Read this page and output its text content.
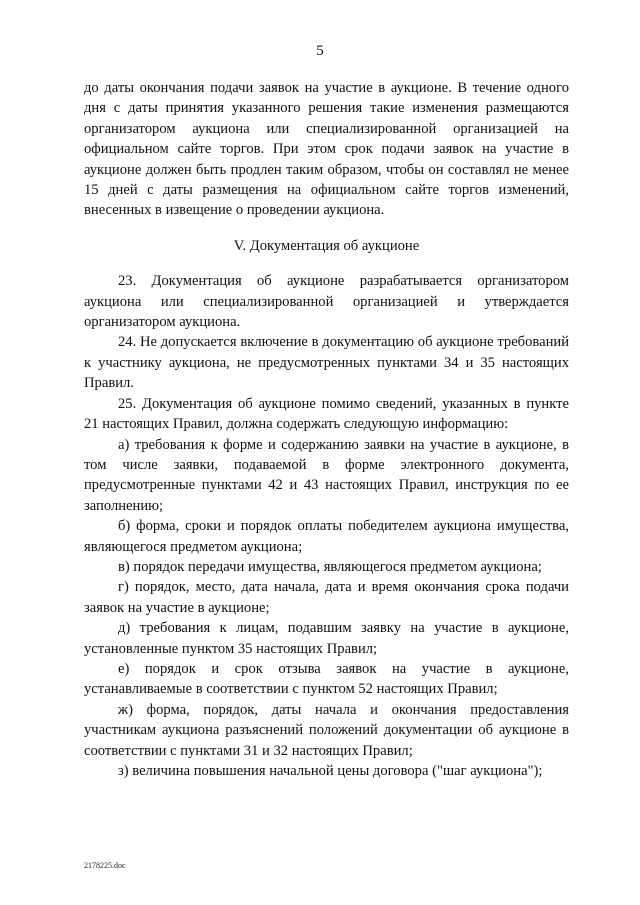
5

до даты окончания подачи заявок на участие в аукционе. В течение одного дня с даты принятия указанного решения такие изменения размещаются организатором аукциона или специализированной организацией на официальном сайте торгов. При этом срок подачи заявок на участие в аукционе должен быть продлен таким образом, чтобы он составлял не менее 15 дней с даты размещения на официальном сайте торгов изменений, внесенных в извещение о проведении аукциона.

V. Документация об аукционе

23. Документация об аукционе разрабатывается организатором аукциона или специализированной организацией и утверждается организатором аукциона.

24. Не допускается включение в документацию об аукционе требований к участнику аукциона, не предусмотренных пунктами 34 и 35 настоящих Правил.

25. Документация об аукционе помимо сведений, указанных в пункте 21 настоящих Правил, должна содержать следующую информацию:

а) требования к форме и содержанию заявки на участие в аукционе, в том числе заявки, подаваемой в форме электронного документа, предусмотренные пунктами 42 и 43 настоящих Правил, инструкция по ее заполнению;

б) форма, сроки и порядок оплаты победителем аукциона имущества, являющегося предметом аукциона;

в) порядок передачи имущества, являющегося предметом аукциона;

г) порядок, место, дата начала, дата и время окончания срока подачи заявок на участие в аукционе;

д) требования к лицам, подавшим заявку на участие в аукционе, установленные пунктом 35 настоящих Правил;

е) порядок и срок отзыва заявок на участие в аукционе, устанавливаемые в соответствии с пунктом 52 настоящих Правил;

ж) форма, порядок, даты начала и окончания предоставления участникам аукциона разъяснений положений документации об аукционе в соответствии с пунктами 31 и 32 настоящих Правил;

з) величина повышения начальной цены договора ("шаг аукциона");

2178225.doc
